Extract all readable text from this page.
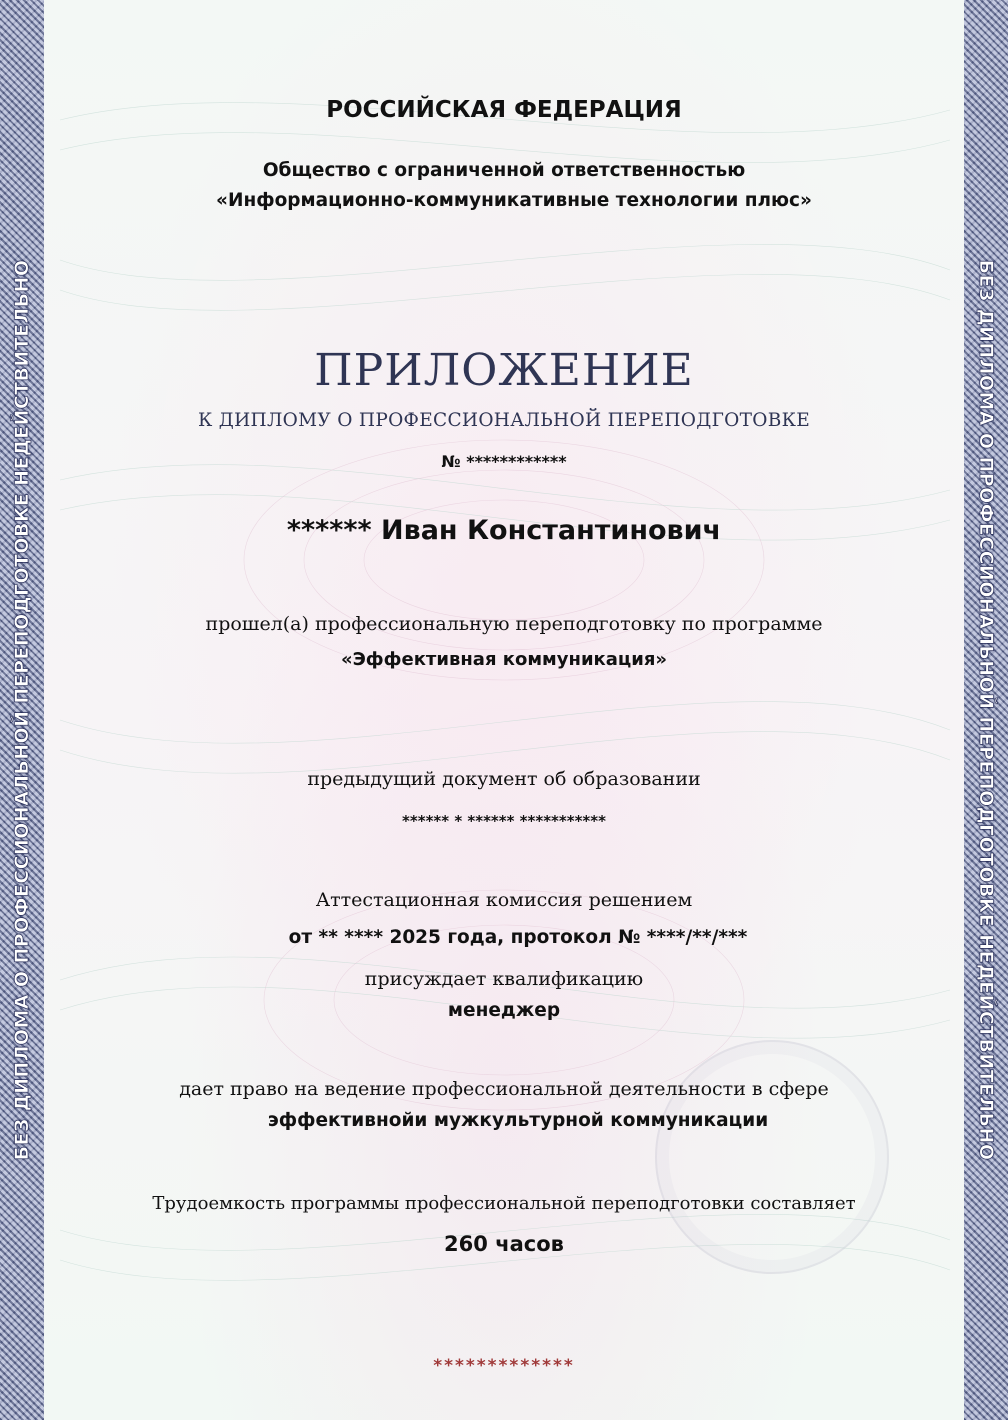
БЕЗ ДИПЛОМА О ПРОФЕССИОНАЛЬНОЙ ПЕРЕПОДГОТОВКЕ НЕДЕЙСТВИТЕЛЬНО	БЕЗ ДИПЛОМА О ПРОФЕССИОНАЛЬНОЙ ПЕРЕПОДГОТОВКЕ НЕДЕЙСТВИТЕЛЬНО
РОССИЙСКАЯ ФЕДЕРАЦИЯ
Общество с ограниченной ответственностью
«Информационно-коммуникативные технологии плюс»
ПРИЛОЖЕНИЕ
К ДИПЛОМУ О ПРОФЕССИОНАЛЬНОЙ ПЕРЕПОДГОТОВКЕ
№ ************
****** Иван Константинович
прошел(а) профессиональную переподготовку по программе
«Эффективная коммуникация»
предыдущий документ об образовании
****** * ****** ***********
Аттестационная комиссия решением
от ** **** 2025 года, протокол № ****/**/***
присуждает квалификацию
менеджер
дает право на ведение профессиональной деятельности в сфере
эффективнойи мужкультурной коммуникации
Трудоемкость программы профессиональной переподготовки составляет
260 часов
*************
